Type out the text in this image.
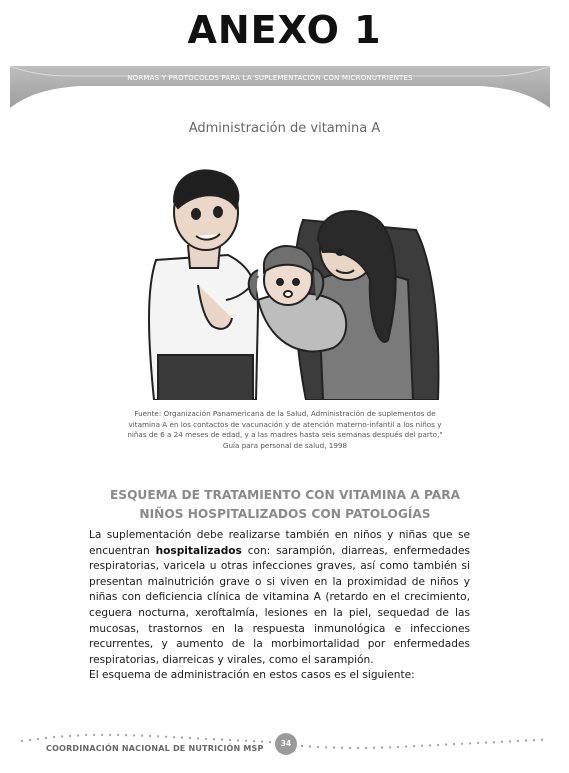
ANEXO 1
NORMAS Y PROTOCOLOS PARA LA SUPLEMENTACIÓN CON MICRONUTRIENTES
Administración de vitamina A
Fuente: Organización Panamericana de la Salud, Administración de suplementos de
vitamina A en los contactos de vacunación y de atención materno-infantil a los niños y
niñas de 6 a 24 meses de edad, y a las madres hasta seis semanas después del parto,"
Guía para personal de salud, 1998
ESQUEMA DE TRATAMIENTO CON VITAMINA A PARA
NIÑOS HOSPITALIZADOS CON PATOLOGÍAS

La suplementación debe realizarse también en niños y niñas que se encuentran hospitalizados con: sarampión, diarreas, enfermedades respiratorias, varicela u otras infecciones graves, así como también si presentan malnutrición grave o si viven en la proximidad de niños y niñas con deficiencia clínica de vitamina A (retardo en el crecimiento, ceguera nocturna, xeroftalmía, lesiones en la piel, sequedad de las mucosas, trastornos en la respuesta inmunológica e infecciones recurrentes, y aumento de la morbimortalidad por enfermedades respiratorias, diarreicas y virales, como el sarampión.

El esquema de administración en estos casos es el siguiente:

34
COORDINACIÓN NACIONAL DE NUTRICIÓN MSP
